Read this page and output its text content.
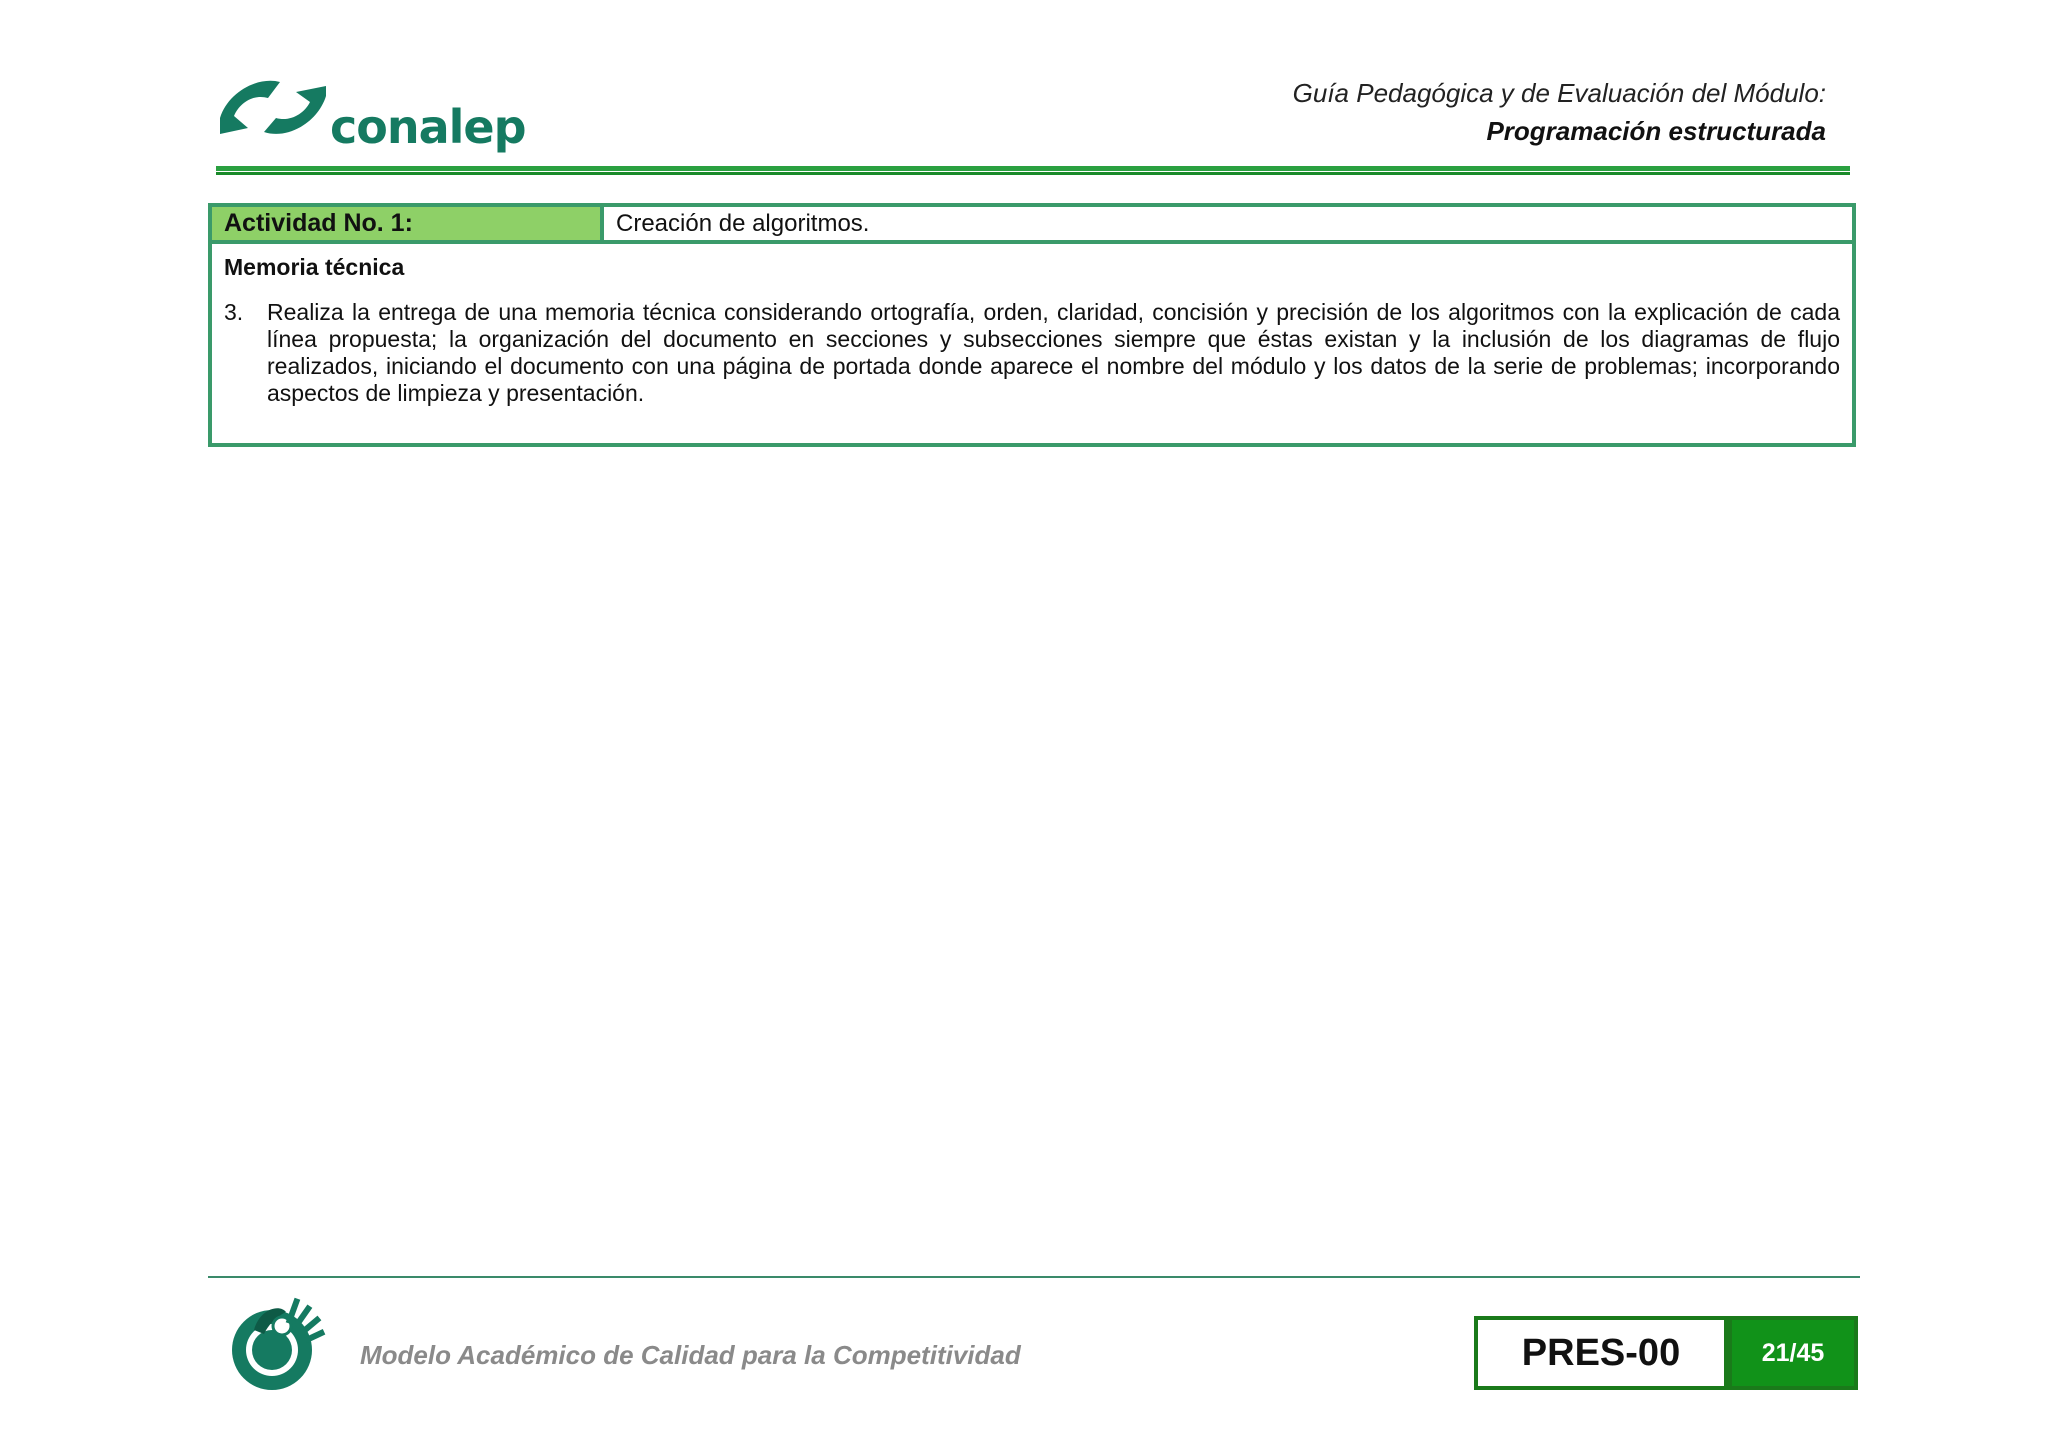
conalep
Guía Pedagógica y de Evaluación del Módulo:
Programación estructurada
Actividad No. 1:	Creación de algoritmos.
Memoria técnica
3.	Realiza la entrega de una memoria técnica considerando ortografía, orden, claridad, concisión y precisión de los algoritmos con la explicación de cada línea propuesta; la organización del documento en secciones y subsecciones siempre que éstas existan y la inclusión de los diagramas de flujo realizados, iniciando el documento con una página de portada donde aparece el nombre del módulo y los datos de la serie de problemas; incorporando aspectos de limpieza y presentación.
Modelo Académico de Calidad para la Competitividad	PRES-00	21/45
